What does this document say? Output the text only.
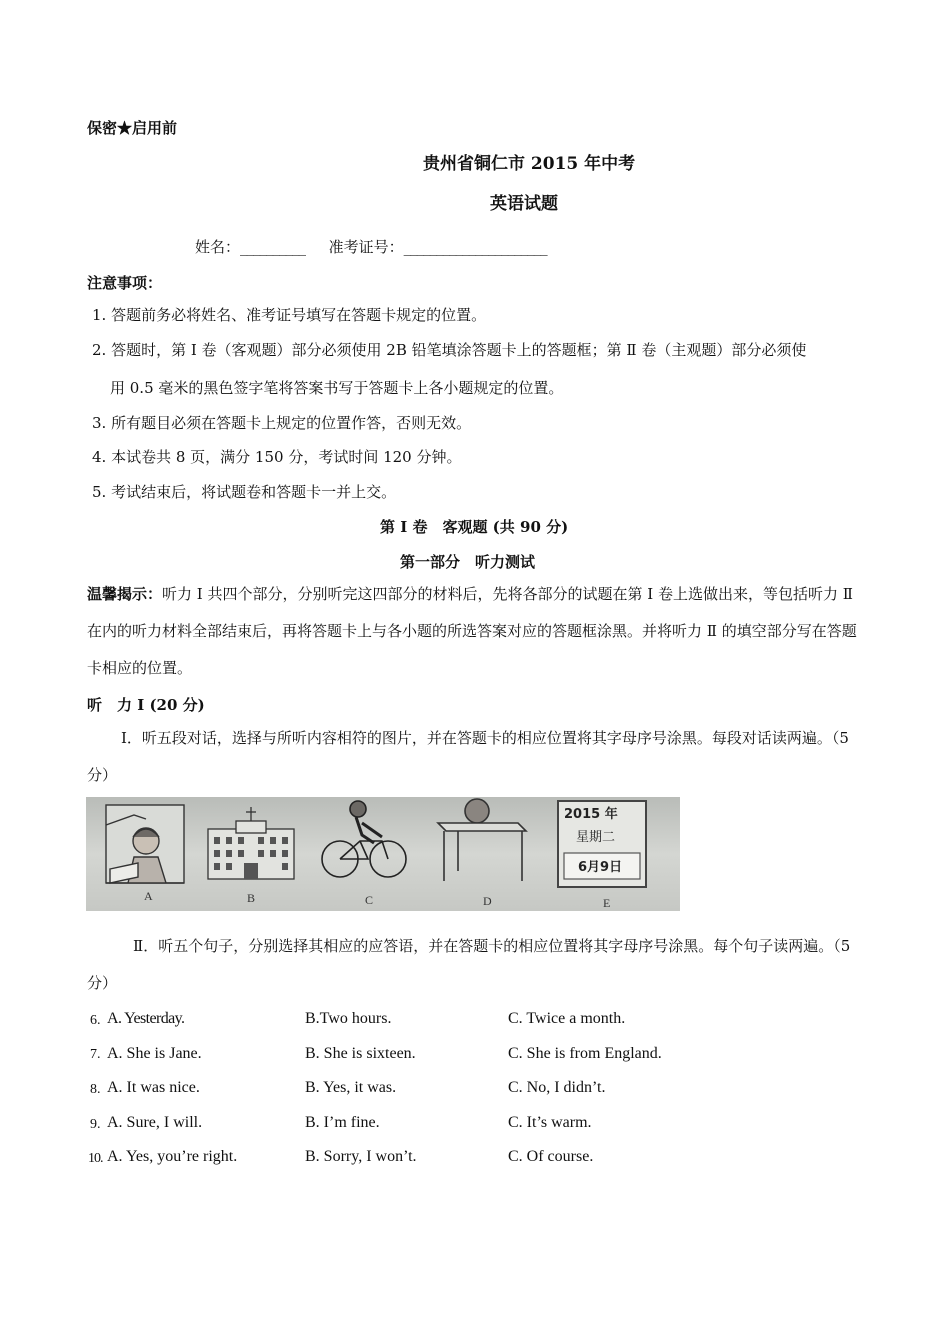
保密★启用前
贵州省铜仁市 2015 年中考
英语试题
姓名：__________ 准考证号：______________________
注意事项：
1. 答题前务必将姓名、准考证号填写在答题卡规定的位置。
2. 答题时，第 Ⅰ 卷（客观题）部分必须使用 2B 铅笔填涂答题卡上的答题框；第 Ⅱ 卷（主观题）部分必须使
用 0.5 毫米的黑色签字笔将答案书写于答题卡上各小题规定的位置。
3. 所有题目必须在答题卡上规定的位置作答，否则无效。
4. 本试卷共 8 页，满分 150 分，考试时间 120 分钟。
5. 考试结束后，将试题卷和答题卡一并上交。
第 Ⅰ 卷　客观题 (共 90 分)
第一部分　听力测试
温馨揭示：听力 Ⅰ 共四个部分，分别听完这四部分的材料后，先将各部分的试题在第 Ⅰ 卷上选做出来，等包括听力 Ⅱ 在内的听力材料全部结束后，再将答题卡上与各小题的所选答案对应的答题框涂黑。并将听力 Ⅱ 的填空部分写在答题卡相应的位置。
听　力 Ⅰ (20 分)
Ⅰ．听五段对话，选择与所听内容相符的图片，并在答题卡的相应位置将其字母序号涂黑。每段对话读两遍。（5 分）
2015 年
星期二
6月9日
A	B	C	D	E
Ⅱ．听五个句子，分别选择其相应的应答语，并在答题卡的相应位置将其字母序号涂黑。每个句子读两遍。（5 分）
6. A. Yesterday.	B.Two hours.	C. Twice a month.
7. A. She is Jane.	B. She is sixteen.	C. She is from England.
8. A. It was nice.	B. Yes, it was.	C. No, I didn’t.
9. A. Sure, I will.	B. I’m fine.	C. It’s warm.
10. A. Yes, you’re right.	B. Sorry, I won’t.	C. Of course.
